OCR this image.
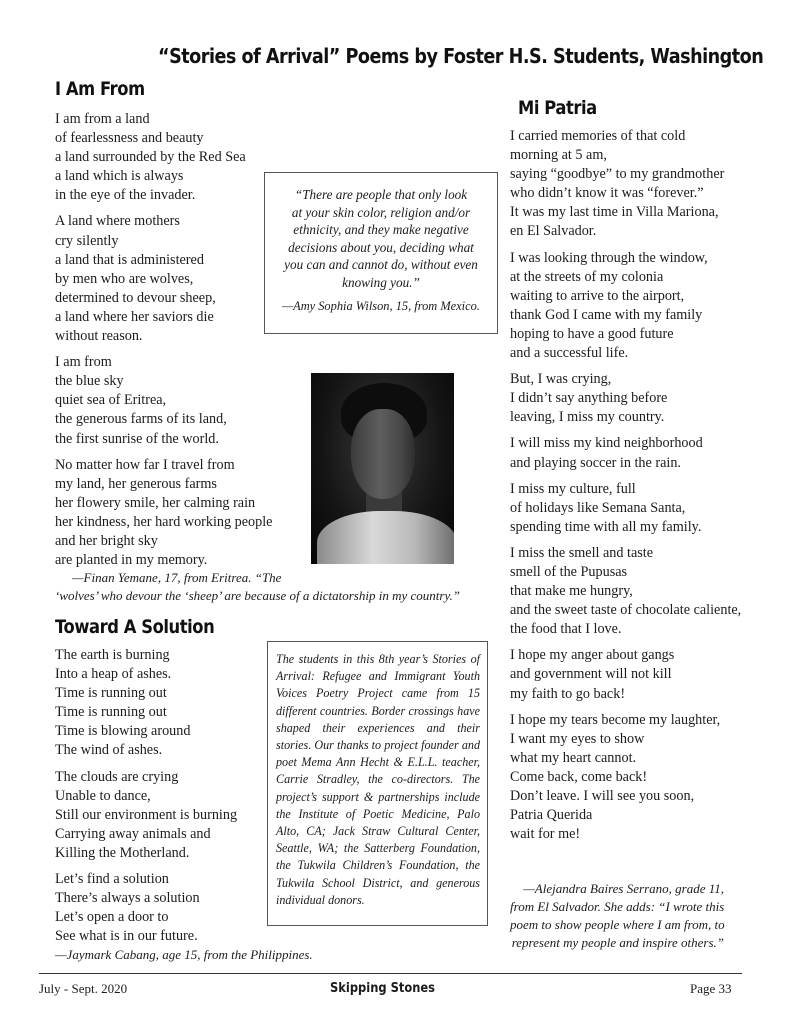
“Stories of Arrival” Poems by Foster H.S. Students, Washington
I Am From
I am from a land
of fearlessness and beauty
a land surrounded by the Red Sea
a land which is always
in the eye of the invader.
A land where mothers
cry silently
a land that is administered
by men who are wolves,
determined to devour sheep,
a land where her saviors die
without reason.
I am from
the blue sky
quiet sea of Eritrea,
the generous farms of its land,
the first sunrise of the world.
No matter how far I travel from
my land, her generous farms
her flowery smile, her calming rain
her kindness, her hard working people
and her bright sky
are planted in my memory.
—Finan Yemane, 17, from Eritrea. “The
‘wolves’ who devour the ‘sheep’ are because of a dictatorship in my country.”
“There are people that only look
at your skin color, religion and/or
ethnicity, and they make negative
decisions about you, deciding what
you can and cannot do, without even
knowing you.”
—Amy Sophia Wilson, 15, from Mexico.
Toward A Solution
The earth is burning
Into a heap of ashes.
Time is running out
Time is running out
Time is blowing around
The wind of ashes.
The clouds are crying
Unable to dance,
Still our environment is burning
Carrying away animals and
Killing the Motherland.
Let’s find a solution
There’s always a solution
Let’s open a door to
See what is in our future.
—Jaymark Cabang, age 15, from the Philippines.
The students in this 8th year’s Stories of Arrival: Refugee and Immigrant Youth Voices Poetry Project came from 15 different countries. Border crossings have shaped their experiences and their stories. Our thanks to project founder and poet Mema Ann Hecht & E.L.L. teacher, Carrie Stradley, the co-directors. The project’s support & partnerships include the Institute of Poetic Medicine, Palo Alto, CA; Jack Straw Cultural Center, Seattle, WA; the Satterberg Foundation, the Tukwila Children’s Foundation, the Tukwila School District, and generous individual donors.
Mi Patria
I carried memories of that cold
morning at 5 am,
saying “goodbye” to my grandmother
who didn’t know it was “forever.”
It was my last time in Villa Mariona,
en El Salvador.
I was looking through the window,
at the streets of my colonia
waiting to arrive to the airport,
thank God I came with my family
hoping to have a good future
and a successful life.
But, I was crying,
I didn’t say anything before
leaving, I miss my country.
I will miss my kind neighborhood
and playing soccer in the rain.
I miss my culture, full
of holidays like Semana Santa,
spending time with all my family.
I miss the smell and taste
smell of the Pupusas
that make me hungry,
and the sweet taste of chocolate caliente,
the food that I love.
I hope my anger about gangs
and government will not kill
my faith to go back!
I hope my tears become my laughter,
I want my eyes to show
what my heart cannot.
Come back, come back!
Don’t leave. I will see you soon,
Patria Querida
wait for me!
—Alejandra Baires Serrano, grade 11,
from El Salvador. She adds: “I wrote this
poem to show people where I am from, to
represent my people and inspire others.”
July - Sept. 2020	Skipping Stones	Page 33
